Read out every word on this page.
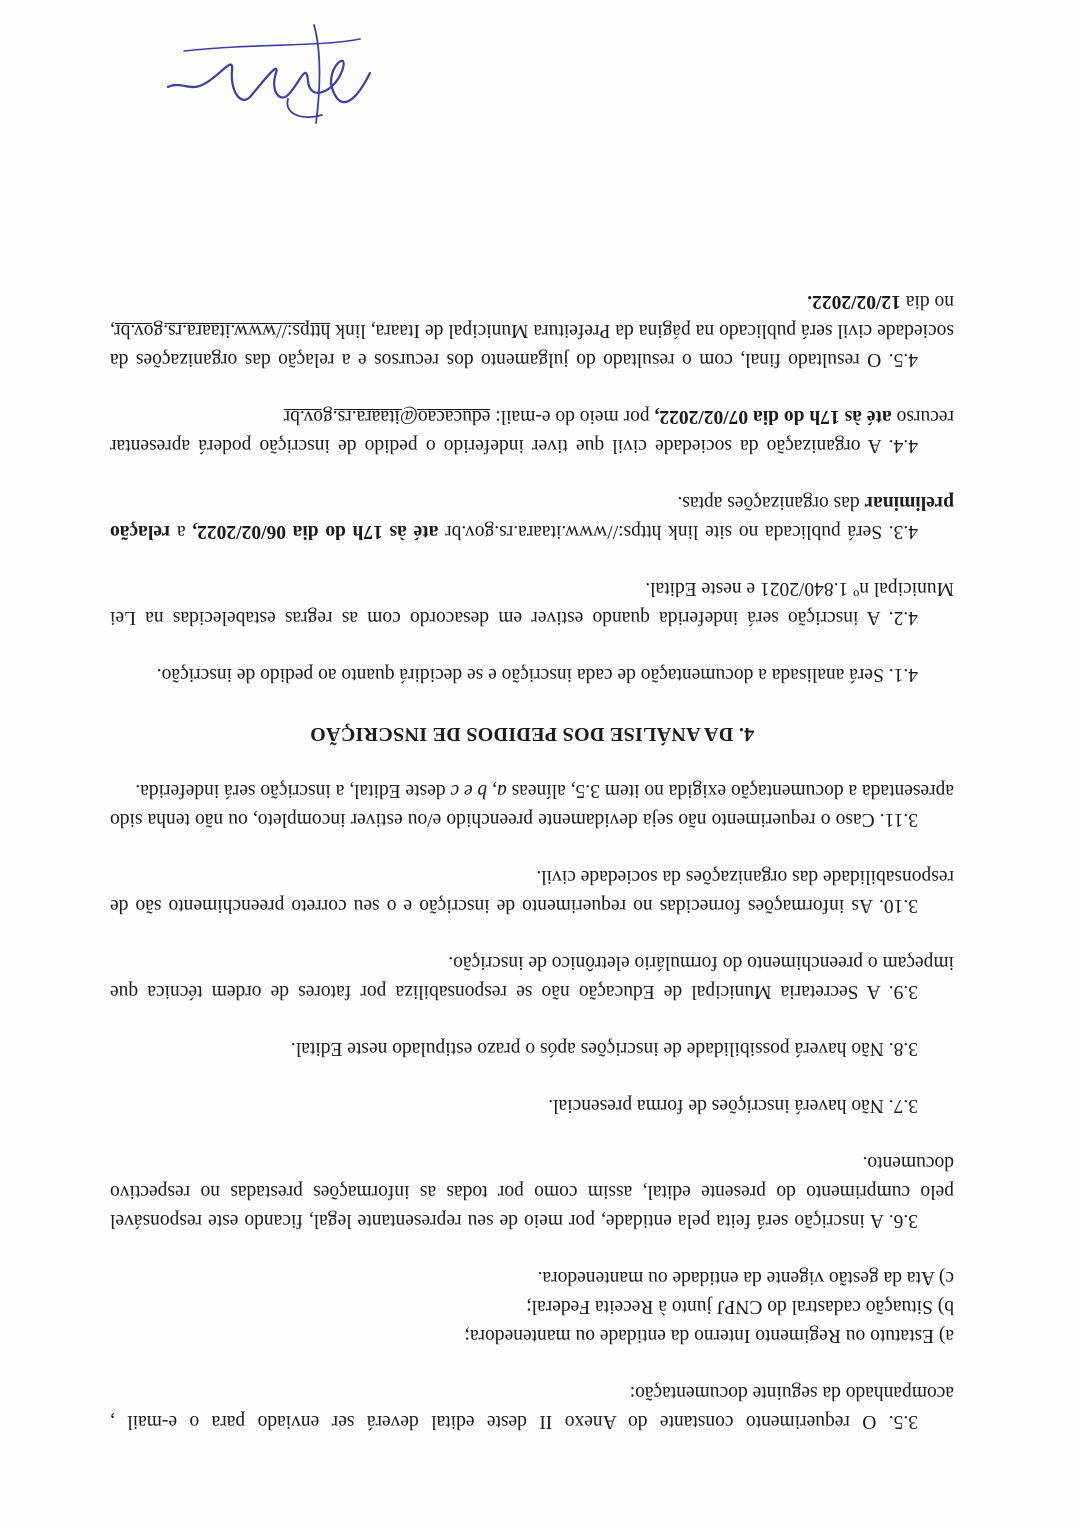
3.5. O requerimento constante do Anexo II deste edital deverá ser enviado para o e-mail , acompanhado da seguinte documentação:

a) Estatuto ou Regimento Interno da entidade ou mantenedora;
b) Situação cadastral do CNPJ junto à Receita Federal;
c) Ata da gestão vigente da entidade ou mantenedora.

3.6. A inscrição será feita pela entidade, por meio de seu representante legal, ficando este responsável pelo cumprimento do presente edital, assim como por todas as informações prestadas no respectivo documento.

3.7. Não haverá inscrições de forma presencial.

3.8. Não haverá possibilidade de inscrições após o prazo estipulado neste Edital.

3.9. A Secretaria Municipal de Educação não se responsabiliza por fatores de ordem técnica que impeçam o preenchimento do formulário eletrônico de inscrição.

3.10. As informações fornecidas no requerimento de inscrição e o seu correto preenchimento são de responsabilidade das organizações da sociedade civil.

3.11. Caso o requerimento não seja devidamente preenchido e/ou estiver incompleto, ou não tenha sido apresentada a documentação exigida no item 3.5, alíneas a, b e c deste Edital, a inscrição será indeferida.

4. DA ANÁLISE DOS PEDIDOS DE INSCRIÇÃO

4.1. Será analisada a documentação de cada inscrição e se decidirá quanto ao pedido de inscrição.

4.2. A inscrição será indeferida quando estiver em desacordo com as regras estabelecidas na Lei Municipal nº 1.840/2021 e neste Edital.

4.3. Será publicada no site link https://www.itaara.rs.gov.br até às 17h do dia 06/02/2022, a relação preliminar das organizações aptas.

4.4. A organização da sociedade civil que tiver indeferido o pedido de inscrição poderá apresentar recurso até às 17h do dia 07/02/2022, por meio do e-mail: educacao@itaara.rs.gov.br

4.5. O resultado final, com o resultado do julgamento dos recursos e a relação das organizações da sociedade civil será publicado na página da Prefeitura Municipal de Itaara, link https://www.itaara.rs.gov.br, no dia 12/02/2022.
